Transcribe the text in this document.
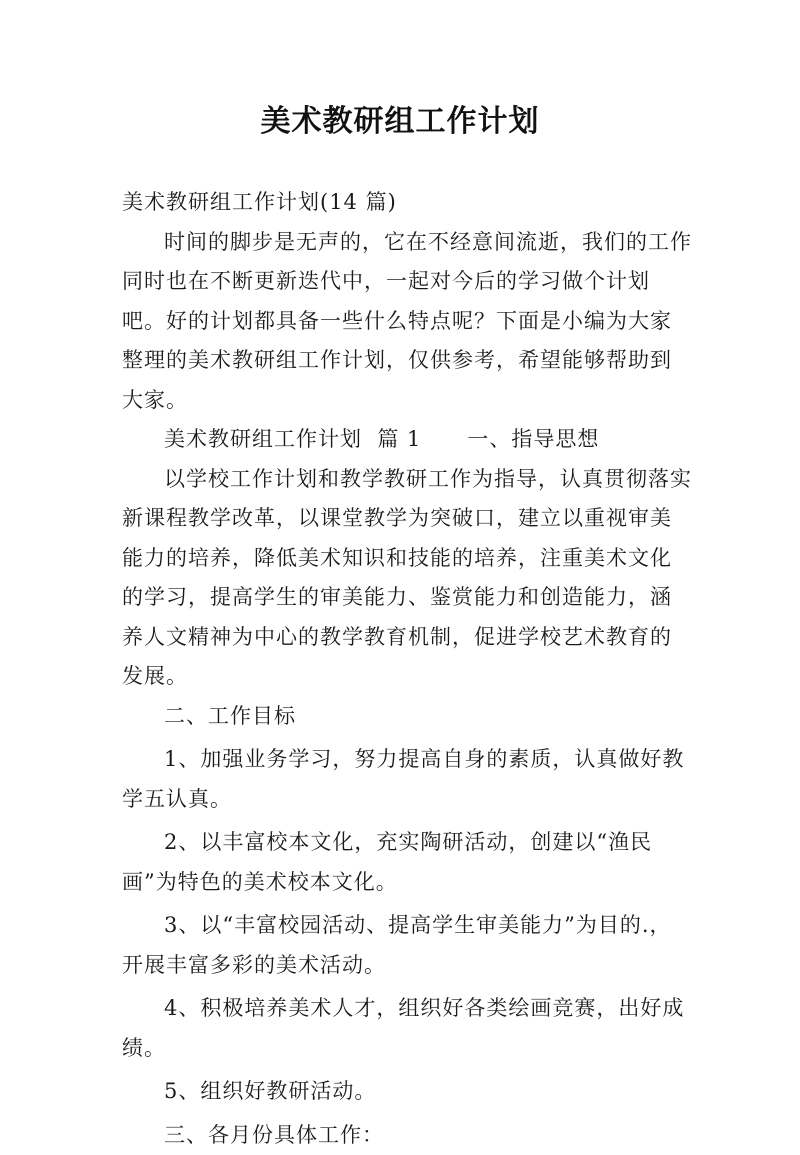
美术教研组工作计划

美术教研组工作计划(14 篇)

时间的脚步是无声的，它在不经意间流逝，我们的工作同时也在不断更新迭代中，一起对今后的学习做个计划吧。好的计划都具备一些什么特点呢？下面是小编为大家整理的美术教研组工作计划，仅供参考，希望能够帮助到大家。

美术教研组工作计划  篇 1 一、指导思想

以学校工作计划和教学教研工作为指导，认真贯彻落实新课程教学改革，以课堂教学为突破口，建立以重视审美能力的培养，降低美术知识和技能的培养，注重美术文化的学习，提高学生的审美能力、鉴赏能力和创造能力，涵养人文精神为中心的教学教育机制，促进学校艺术教育的发展。

二、工作目标

1、加强业务学习，努力提高自身的素质，认真做好教学五认真。

2、以丰富校本文化，充实陶研活动，创建以“渔民画”为特色的美术校本文化。

3、以“丰富校园活动、提高学生审美能力”为目的.，开展丰富多彩的美术活动。

4、积极培养美术人才，组织好各类绘画竞赛，出好成绩。

5、组织好教研活动。

三、各月份具体工作：
